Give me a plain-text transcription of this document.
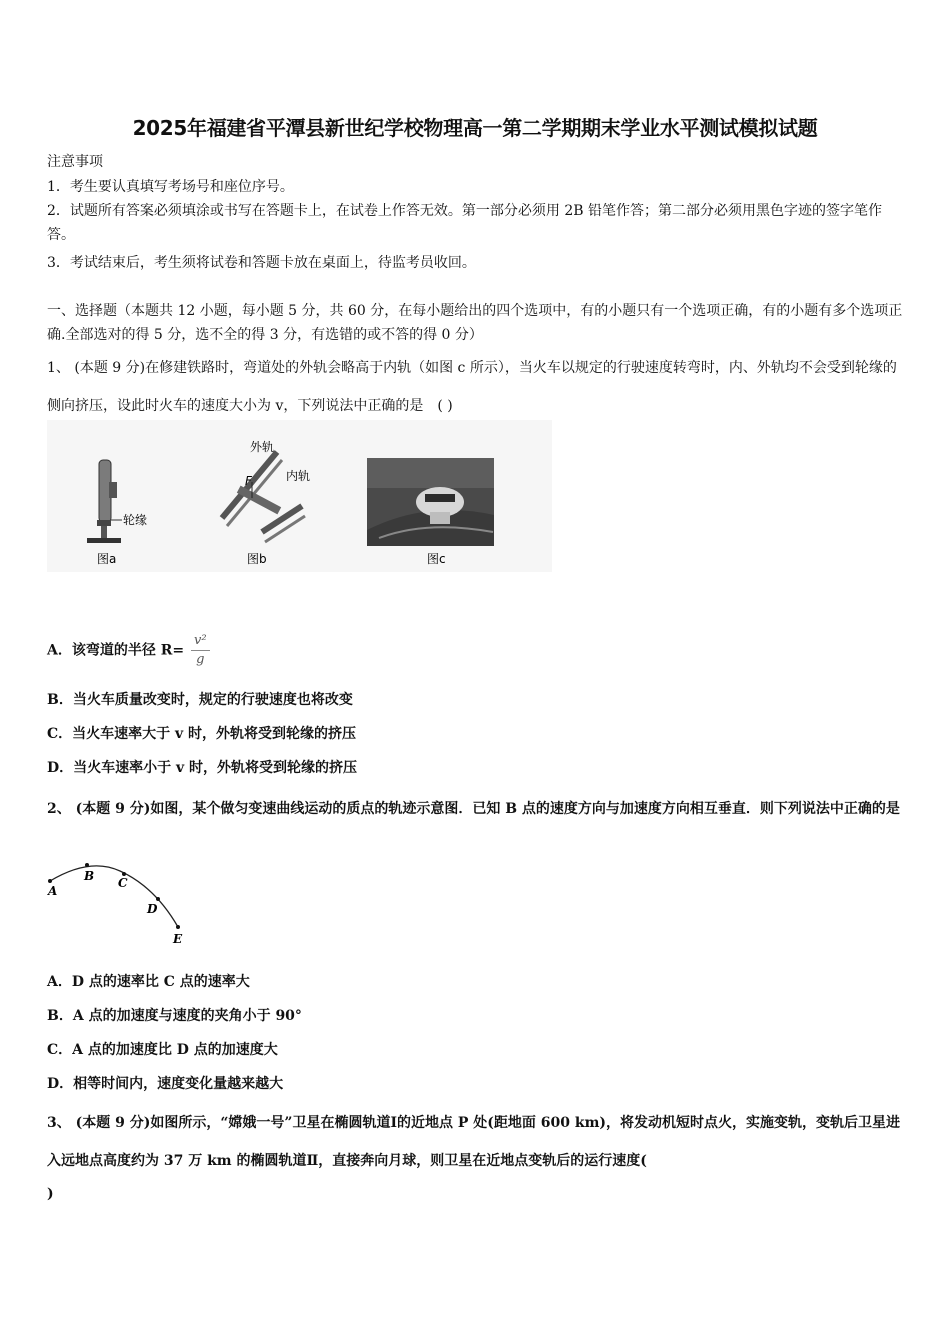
2025年福建省平潭县新世纪学校物理高一第二学期期末学业水平测试模拟试题
注意事项
1．考生要认真填写考场号和座位序号。
2．试题所有答案必须填涂或书写在答题卡上，在试卷上作答无效。第一部分必须用 2B 铅笔作答；第二部分必须用黑色字迹的签字笔作答。
3．考试结束后，考生须将试卷和答题卡放在桌面上，待监考员收回。
一、选择题（本题共 12 小题，每小题 5 分，共 60 分，在每小题给出的四个选项中，有的小题只有一个选项正确，有的小题有多个选项正确.全部选对的得 5 分，选不全的得 3 分，有选错的或不答的得 0 分）
1、 (本题 9 分)在修建铁路时，弯道处的外轨会略高于内轨（如图 c 所示），当火车以规定的行驶速度转弯时，内、外轨均不会受到轮缘的侧向挤压，设此时火车的速度大小为 v，下列说法中正确的是　( )
轮缘
图a
外轨
内轨
F
图b	图c
A．该弯道的半径 $R= \frac{\text{v²}}{g}$
B．当火车质量改变时，规定的行驶速度也将改变
C．当火车速率大于 v 时，外轨将受到轮缘的挤压
D．当火车速率小于 v 时，外轨将受到轮缘的挤压
2、 (本题 9 分)如图，某个做匀变速曲线运动的质点的轨迹示意图．已知 B 点的速度方向与加速度方向相互垂直．则下列说法中正确的是
A
B C
D
E
A．D 点的速率比 C 点的速率大
B．A 点的加速度与速度的夹角小于 90°
C．A 点的加速度比 D 点的加速度大
D．相等时间内，速度变化量越来越大
3、 (本题 9 分)如图所示，“嫦娥一号”卫星在椭圆轨道Ⅰ的近地点 P 处(距地面 600 km)，将发动机短时点火，实施变轨，变轨后卫星进入远地点高度约为 37 万 km 的椭圆轨道Ⅱ，直接奔向月球，则卫星在近地点变轨后的运行速度(
)
